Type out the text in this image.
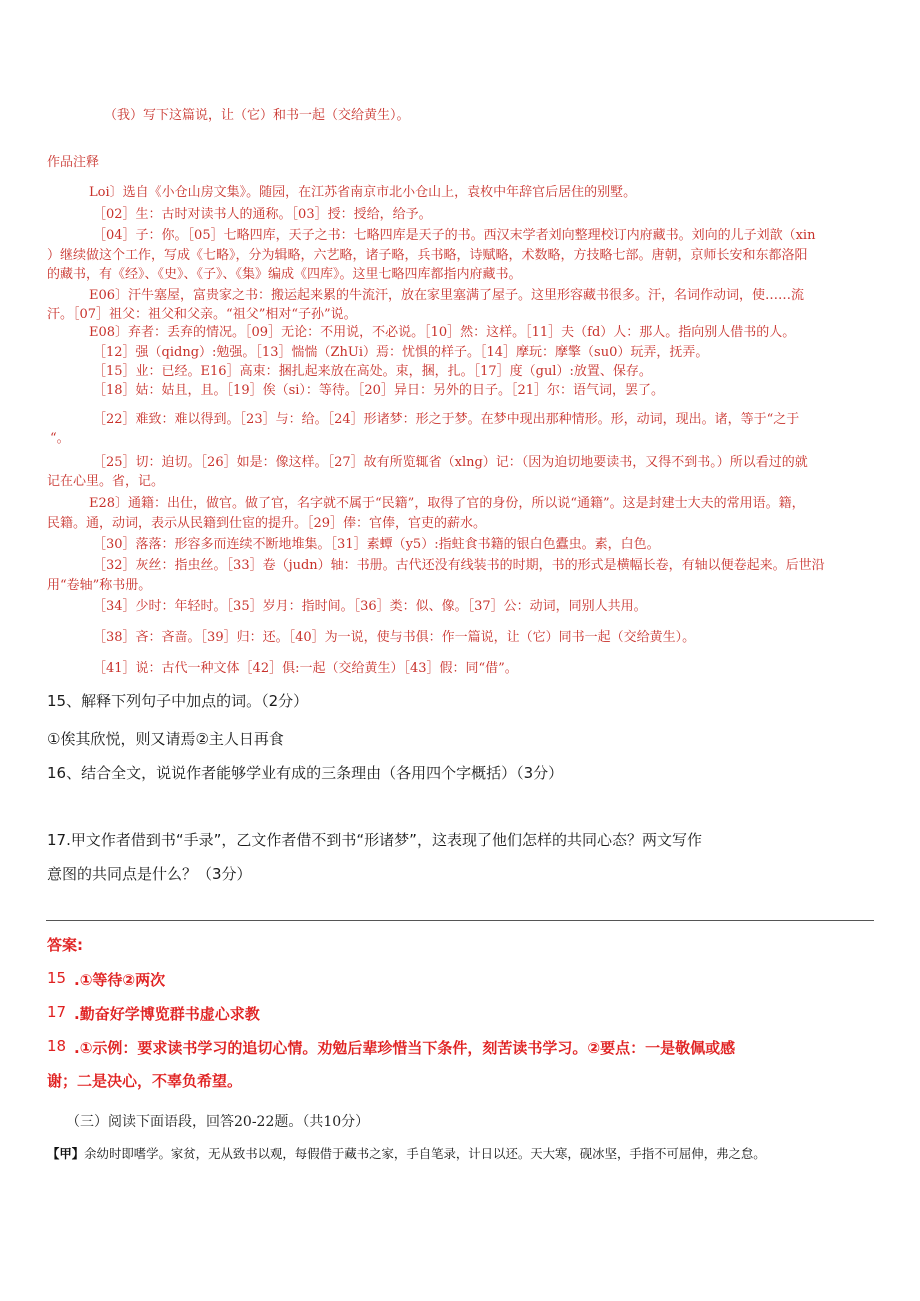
（我）写下这篇说，让（它）和书一起（交给黄生）。
作品注释
Loi〕选自《小仓山房文集》。随园，在江苏省南京市北小仓山上，袁枚中年辞官后居住的别墅。
［02］生：古时对读书人的通称。［03］授：授给，给予。
［04］子：你。［05］七略四库，天子之书：七略四库是天子的书。西汉末学者刘向整理校订内府藏书。刘向的儿子刘歆（xin
）继续做这个工作，写成《七略》，分为辑略，六艺略，诸子略，兵书略，诗赋略，术数略，方技略七部。唐朝，京师长安和东都洛阳
的藏书，有《经》、《史》、《子》、《集》编成《四库》。这里七略四库都指内府藏书。
E06〕汗牛塞屋，富贵家之书：搬运起来累的牛流汗，放在家里塞满了屋子。这里形容藏书很多。汗，名词作动词，使……流
汗。［07］祖父：祖父和父亲。“祖父”相对“子孙”说。
E08〕弃者：丢弃的情况。［09］无论：不用说，不必说。［10］然：这样。［11］夫（fd）人：那人。指向别人借书的人。
［12］强（qidng）:勉强。［13］惴惴（ZhUi）焉：忧惧的样子。［14］摩玩：摩擎（su0）玩弄，抚弄。
［15］业：已经。E16］高束：捆扎起来放在高处。束，捆，扎。［17］度（gul）:放置、保存。
［18］姑：姑且，且。［19］俟（si）：等待。［20］异日：另外的日子。［21］尔：语气词，罢了。
［22］难致：难以得到。［23］与：给。［24］形诸梦：形之于梦。在梦中现出那种情形。形，动词，现出。诸，等于“之于
“。
［25］切：迫切。［26］如是：像这样。［27］故有所览辄省（xlng）记：（因为迫切地要读书，又得不到书。）所以看过的就
记在心里。省，记。
E28〕通籍：出仕，做官。做了官，名字就不属于“民籍”，取得了官的身份，所以说“通籍”。这是封建士大夫的常用语。籍，
民籍。通，动词，表示从民籍到仕宦的提升。［29］俸：官俸，官吏的薪水。
［30］落落：形容多而连续不断地堆集。［31］素蟫（y5）:指蛀食书籍的银白色蠹虫。素，白色。
［32］灰丝：指虫丝。［33］卷（judn）轴：书册。古代还没有线装书的时期，书的形式是横幅长卷，有轴以便卷起来。后世沿
用“卷轴”称书册。
［34］少时：年轻时。［35］岁月：指时间。［36］类：似、像。［37］公：动词，同别人共用。
［38］吝：吝啬。［39］归：还。［40］为一说，使与书俱：作一篇说，让（它）同书一起（交给黄生）。
［41］说：古代一种文体［42］俱:一起（交给黄生）［43］假：同“借”。
15、解释下列句子中加点的词。（2分）
①俟其欣悦，则又请焉②主人日再食
16、结合全文，说说作者能够学业有成的三条理由（各用四个字概括）（3分）
17.甲文作者借到书“手录”，乙文作者借不到书“形诸梦”，这表现了他们怎样的共同心态？两文写作
意图的共同点是什么？（3分）
答案:
15 .①等待②两次
17 .勤奋好学博览群书虚心求教
18 .①示例：要求读书学习的追切心情。劝勉后辈珍惜当下条件，刻苦读书学习。②要点：一是敬佩或感
谢；二是决心，不辜负希望。
（三）阅读下面语段，回答20-22题。（共10分）
【甲】余幼时即嗜学。家贫，无从致书以观，每假借于藏书之家，手自笔录，计日以还。天大寒，砚冰坚，手指不可屈伸，弗之怠。
